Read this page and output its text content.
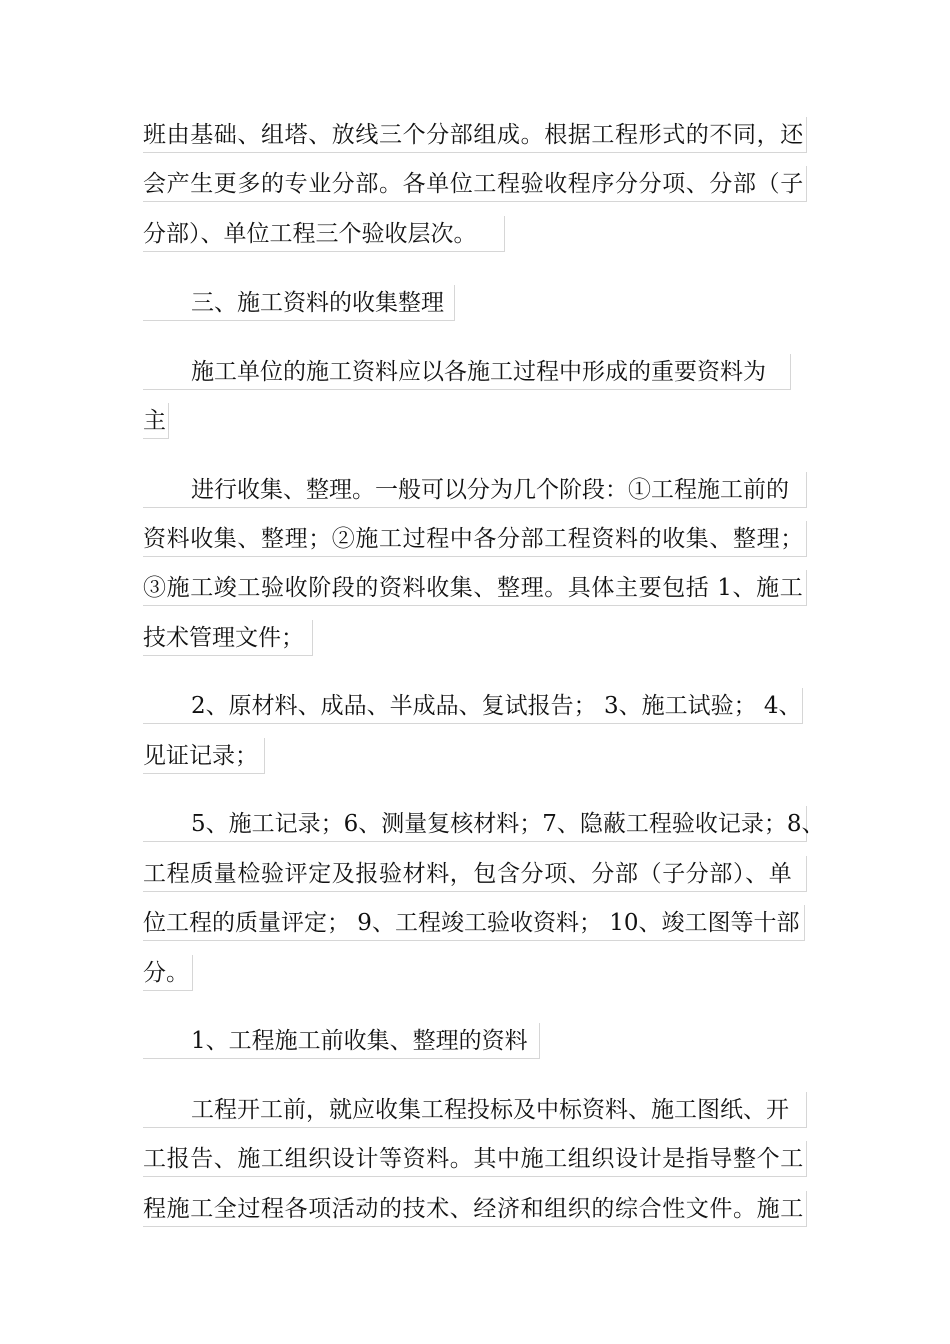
班由基础、组塔、放线三个分部组成。根据工程形式的不同，还
会产生更多的专业分部。各单位工程验收程序分分项、分部（子
分部）、单位工程三个验收层次。
三、施工资料的收集整理
施工单位的施工资料应以各施工过程中形成的重要资料为
主
进行收集、整理。一般可以分为几个阶段：①工程施工前的
资料收集、整理；②施工过程中各分部工程资料的收集、整理；
③施工竣工验收阶段的资料收集、整理。具体主要包括 1、施工
技术管理文件；
2、原材料、成品、半成品、复试报告； 3、施工试验； 4、
见证记录；
5、施工记录；6、测量复核材料；7、隐蔽工程验收记录；8、
工程质量检验评定及报验材料，包含分项、分部（子分部）、单
位工程的质量评定； 9、工程竣工验收资料； 10、竣工图等十部
分。
1、工程施工前收集、整理的资料
工程开工前，就应收集工程投标及中标资料、施工图纸、开
工报告、施工组织设计等资料。其中施工组织设计是指导整个工
程施工全过程各项活动的技术、经济和组织的综合性文件。施工
